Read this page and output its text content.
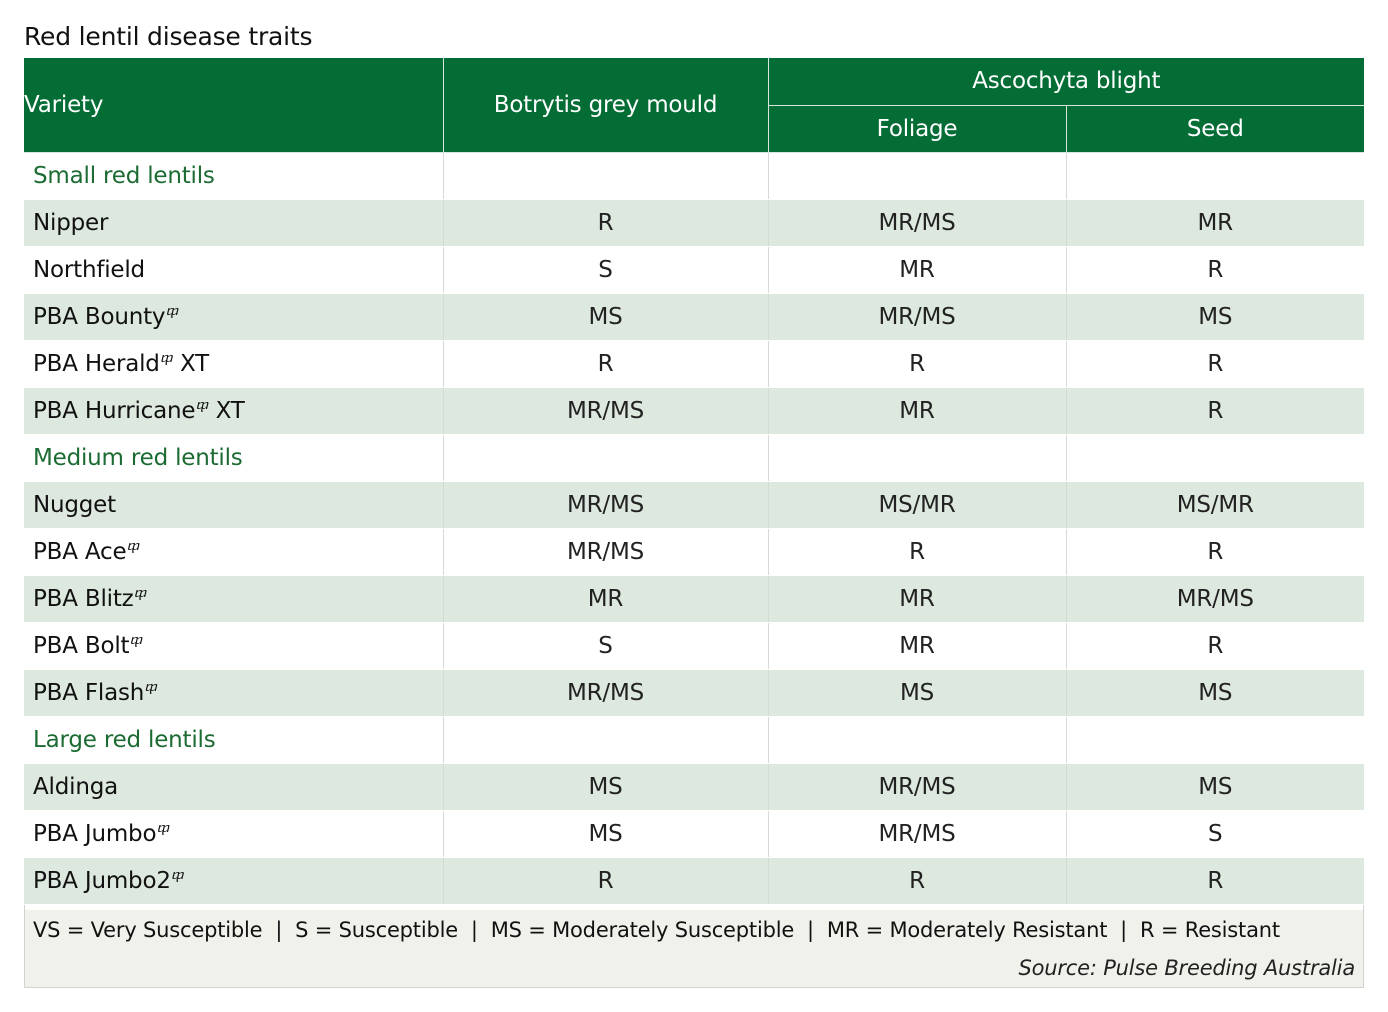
Red lentil disease traits
Variety	Botrytis grey mould	Ascochyta blight	
		Foliage	Seed
Small red lentils			
Nipper	R	MR/MS	MR
Northfield	S	MR	R
PBA Bounty$^ⴔ$	MS	MR/MS	MS
PBA Herald$^ⴔ$ XT	R	R	R
PBA Hurricane$^ⴔ$ XT	MR/MS	MR	R
Medium red lentils			
Nugget	MR/MS	MS/MR	MS/MR
PBA Ace$^ⴔ$	MR/MS	R	R
PBA Blitz$^ⴔ$	MR	MR	MR/MS
PBA Bolt$^ⴔ$	S	MR	R
PBA Flash$^ⴔ$	MR/MS	MS	MS
Large red lentils			
Aldinga	MS	MR/MS	MS
PBA Jumbo$^ⴔ$	MS	MR/MS	S
PBA $Jumbo2^ⴔ$	R	R	R
VS = Very Susceptible  |  S = Susceptible  |  MS = Moderately Susceptible  |  MR = Moderately Resistant  |  R = Resistant
Source: Pulse Breeding Australia
